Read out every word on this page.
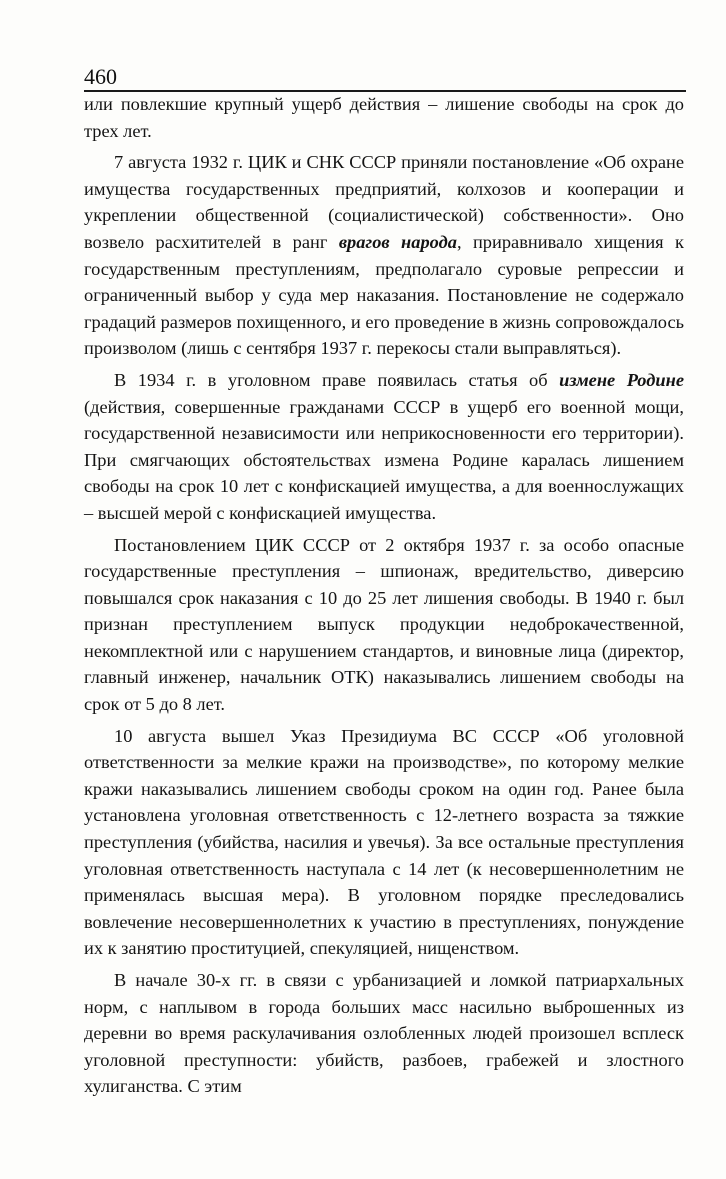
460

или повлекшие крупный ущерб действия – лишение свободы на срок до трех лет.

7 августа 1932 г. ЦИК и СНК СССР приняли постановление «Об охране имущества государственных предприятий, колхозов и кооперации и укреплении общественной (социалистической) собственности». Оно возвело расхитителей в ранг врагов народа, приравнивало хищения к государственным преступлениям, предполагало суровые репрессии и ограниченный выбор у суда мер наказания. Постановление не содержало градаций размеров похищенного, и его проведение в жизнь сопровождалось произволом (лишь с сентября 1937 г. перекосы стали выправляться).

В 1934 г. в уголовном праве появилась статья об измене Родине (действия, совершенные гражданами СССР в ущерб его военной мощи, государственной независимости или неприкосновенности его территории). При смягчающих обстоятельствах измена Родине каралась лишением свободы на срок 10 лет с конфискацией имущества, а для военнослужащих – высшей мерой с конфискацией имущества.

Постановлением ЦИК СССР от 2 октября 1937 г. за особо опасные государственные преступления – шпионаж, вредительство, диверсию повышался срок наказания с 10 до 25 лет лишения свободы. В 1940 г. был признан преступлением выпуск продукции недоброкачественной, некомплектной или с нарушением стандартов, и виновные лица (директор, главный инженер, начальник ОТК) наказывались лишением свободы на срок от 5 до 8 лет.

10 августа вышел Указ Президиума ВС СССР «Об уголовной ответственности за мелкие кражи на производстве», по которому мелкие кражи наказывались лишением свободы сроком на один год. Ранее была установлена уголовная ответственность с 12-летнего возраста за тяжкие преступления (убийства, насилия и увечья). За все остальные преступления уголовная ответственность наступала с 14 лет (к несовершеннолетним не применялась высшая мера). В уголовном порядке преследовались вовлечение несовершеннолетних к участию в преступлениях, понуждение их к занятию проституцией, спекуляцией, нищенством.

В начале 30-х гг. в связи с урбанизацией и ломкой патриархальных норм, с наплывом в города больших масс насильно выброшенных из деревни во время раскулачивания озлобленных людей произошел всплеск уголовной преступности: убийств, разбоев, грабежей и злостного хулиганства. С этим
